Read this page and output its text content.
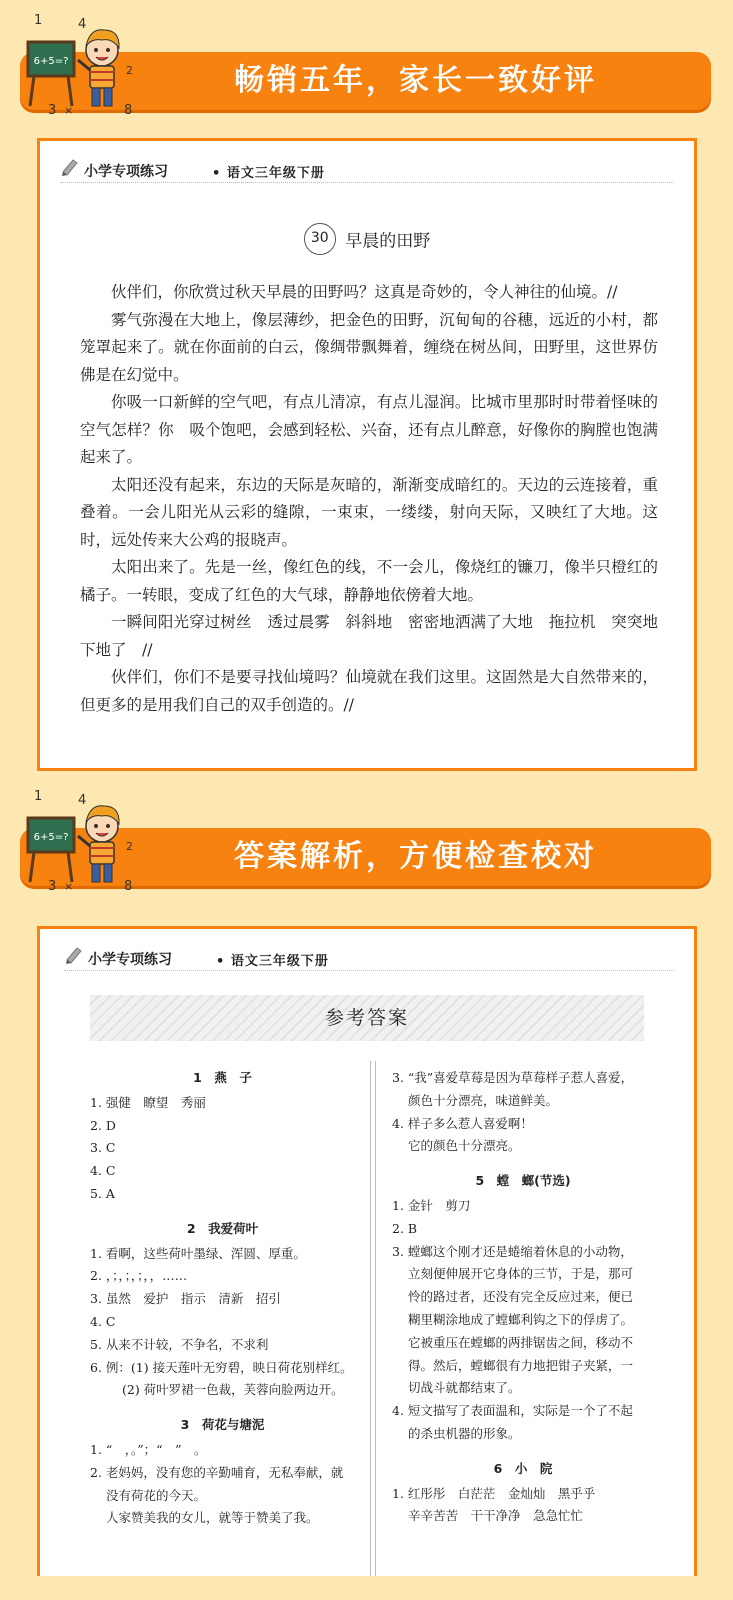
6+5=?
1	4
2
3 ×	8
畅销五年，家长一致好评
小学专项练习	• 语文三年级下册
30 早晨的田野

伙伴们，你欣赏过秋天早晨的田野吗？这真是奇妙的，令人神往的仙境。//

雾气弥漫在大地上，像层薄纱，把金色的田野，沉甸甸的谷穗，远近的小村，都笼罩起来了。就在你面前的白云，像绸带飘舞着，缠绕在树丛间，田野里，这世界仿佛是在幻觉中。

你吸一口新鲜的空气吧，有点儿清凉，有点儿湿润。比城市里那时时带着怪味的空气怎样？你　吸个饱吧，会感到轻松、兴奋，还有点儿醉意，好像你的胸膛也饱满起来了。

太阳还没有起来，东边的天际是灰暗的，渐渐变成暗红的。天边的云连接着，重叠着。一会儿阳光从云彩的缝隙，一束束，一缕缕，射向天际，又映红了大地。这时，远处传来大公鸡的报晓声。

太阳出来了。先是一丝，像红色的线，不一会儿，像烧红的镰刀，像半只橙红的橘子。一转眼，变成了红色的大气球，静静地依傍着大地。

一瞬间阳光穿过树丝　透过晨雾　斜斜地　密密地洒满了大地　拖拉机　突突地下地了　//

伙伴们，你们不是要寻找仙境吗？仙境就在我们这里。这固然是大自然带来的，但更多的是用我们自己的双手创造的。//

6+5=?
1	4
2
3 ×	8
答案解析，方便检查校对
小学专项练习	• 语文三年级下册
参考答案
1　燕　子
1. 强健　瞭望　秀丽
2. D
3. C
4. C
5. A
2　我爱荷叶
1. 看啊，这些荷叶墨绿、浑圆、厚重。
2. ，；，；，；，，……
3. 虽然　爱护　指示　清新　招引
4. C
5. 从来不计较，不争名，不求利
6. 例：(1) 接天莲叶无穷碧，映日荷花别样红。
(2) 荷叶罗裙一色裁，芙蓉向脸两边开。
3　荷花与塘泥
1. “　，。”；“　”　。
2. 老妈妈，没有您的辛勤哺育，无私奉献，就
没有荷花的今天。
人家赞美我的女儿，就等于赞美了我。
3. “我”喜爱草莓是因为草莓样子惹人喜爱，
颜色十分漂亮，味道鲜美。
4. 样子多么惹人喜爱啊！
它的颜色十分漂亮。
5　螳　螂(节选)
1. 金针　剪刀
2. B
3. 螳螂这个刚才还是蜷缩着休息的小动物，
立刻便伸展开它身体的三节，于是，那可
怜的路过者，还没有完全反应过来，便已
糊里糊涂地成了螳螂利钩之下的俘虏了。
它被重压在螳螂的两排锯齿之间，移动不
得。然后，螳螂很有力地把钳子夹紧，一
切战斗就都结束了。
4. 短文描写了表面温和，实际是一个了不起
的杀虫机器的形象。
6　小　院
1. 红彤彤　白茫茫　金灿灿　黑乎乎
辛辛苦苦　干干净净　急急忙忙
